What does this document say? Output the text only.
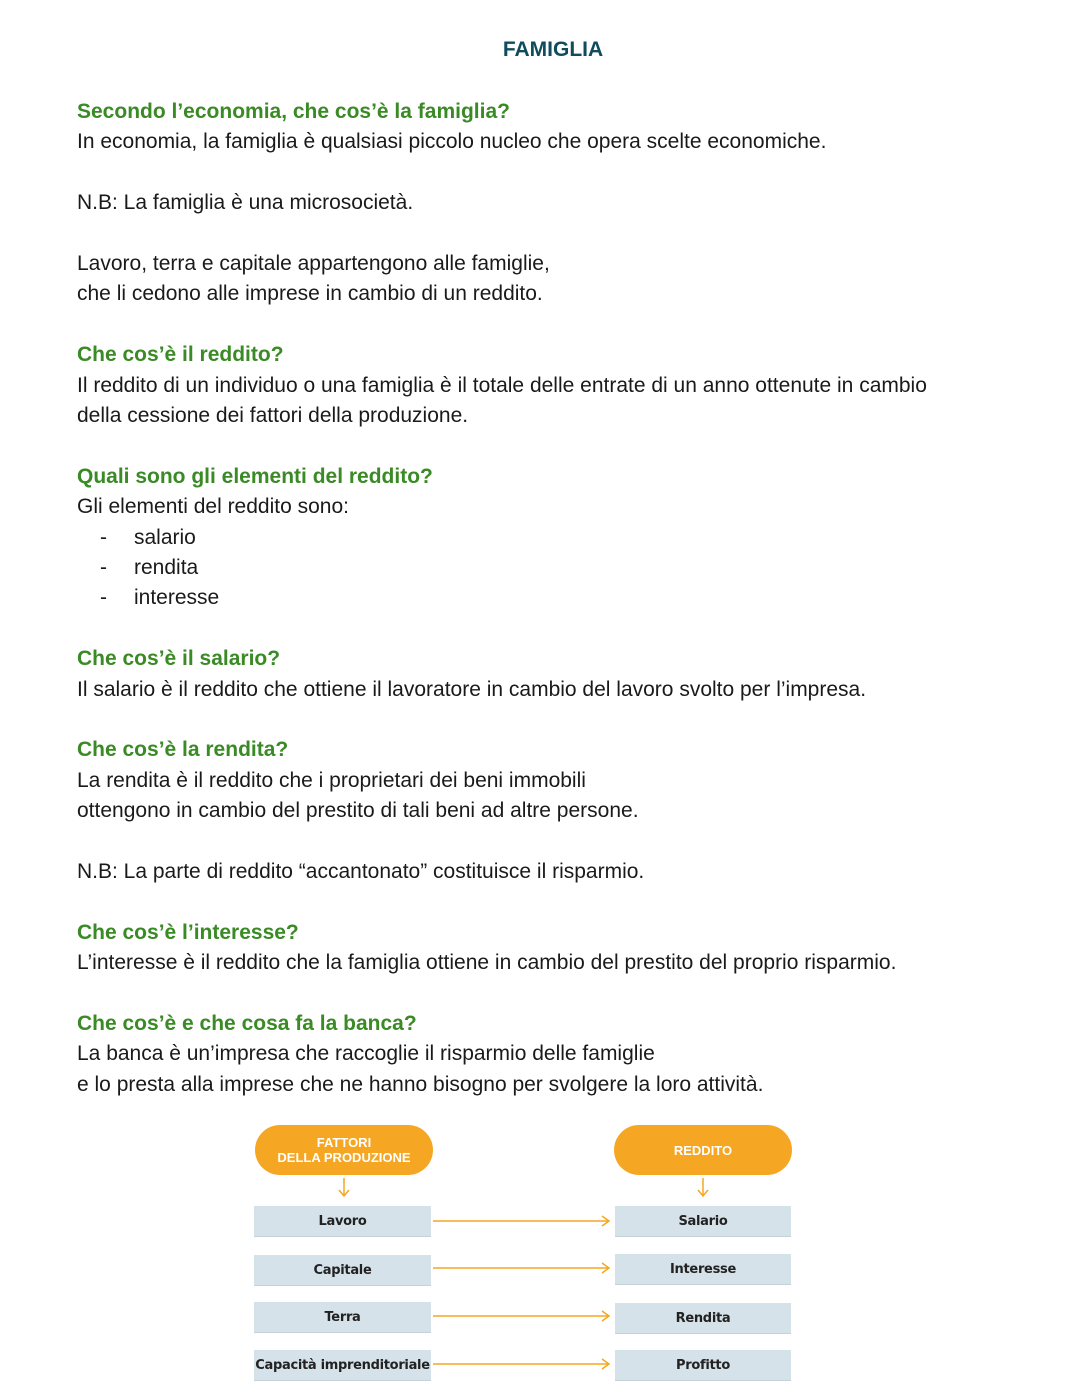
FAMIGLIA

Secondo l’economia, che cos’è la famiglia?

In economia, la famiglia è qualsiasi piccolo nucleo che opera scelte economiche.

N.B: La famiglia è una microsocietà.

Lavoro, terra e capitale appartengono alle famiglie,

che li cedono alle imprese in cambio di un reddito.

Che cos’è il reddito?

Il reddito di un individuo o una famiglia è il totale delle entrate di un anno ottenute in cambio

della cessione dei fattori della produzione.

Quali sono gli elementi del reddito?

Gli elementi del reddito sono:

- salario
- rendita
- interesse

Che cos’è il salario?

Il salario è il reddito che ottiene il lavoratore in cambio del lavoro svolto per l’impresa.

Che cos’è la rendita?

La rendita è il reddito che i proprietari dei beni immobili

ottengono in cambio del prestito di tali beni ad altre persone.

N.B: La parte di reddito “accantonato” costituisce il risparmio.

Che cos’è l’interesse?

L’interesse è il reddito che la famiglia ottiene in cambio del prestito del proprio risparmio.

Che cos’è e che cosa fa la banca?

La banca è un’impresa che raccoglie il risparmio delle famiglie

e lo presta alla imprese che ne hanno bisogno per svolgere la loro attività.

FATTORI
DELLA PRODUZIONE	REDDITO
Lavoro	Salario
Capitale	Interesse
Terra	Rendita
Capacità imprenditoriale	Profitto
